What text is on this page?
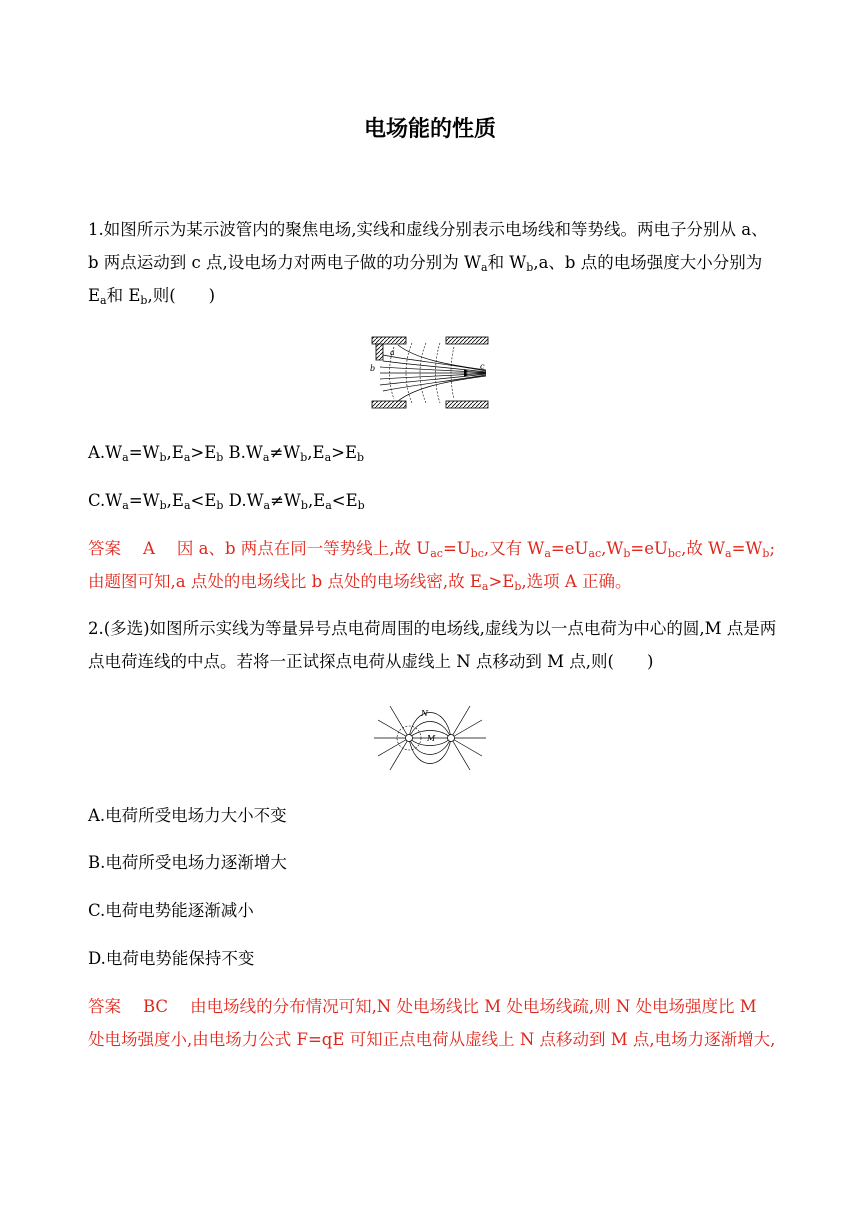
电场能的性质
1.如图所示为某示波管内的聚焦电场,实线和虚线分别表示电场线和等势线。两电子分别从 a、b 两点运动到 c 点,设电场力对两电子做的功分别为 $W_a$和 $W_b,a$、b 点的电场强度大小分别为 $E_a$和 $E_b$,则(　　)
b
a
c
$A.W_a=W_b,E_a>E_b$ $B.W_a\ne W_b,E_a>E_b$
$C.W_a=W_b,E_a<E_b$ $D.W_a\ne W_b,E_a<E_b$
答案 A 因 a、b 两点在同一等势线上,故 $U_{ac}=U_{bc}$,又有 $W_a=eU_{ac},W_b=eU_{bc}$,故 $W_a=W_b$;由题图可知,a 点处的电场线比 b 点处的电场线密,故 $E_a>E_b$,选项 A 正确。
2.(多选)如图所示实线为等量异号点电荷周围的电场线,虚线为以一点电荷为中心的圆,M 点是两点电荷连线的中点。若将一正试探点电荷从虚线上 N 点移动到 M 点,则(　　)
N
M
A.电荷所受电场力大小不变
B.电荷所受电场力逐渐增大
C.电荷电势能逐渐减小
D.电荷电势能保持不变
答案 BC 由电场线的分布情况可知,N 处电场线比 M 处电场线疏,则 N 处电场强度比 M 处电场强度小,由电场力公式 F=qE 可知正点电荷从虚线上 N 点移动到 M 点,电场力逐渐增大,
